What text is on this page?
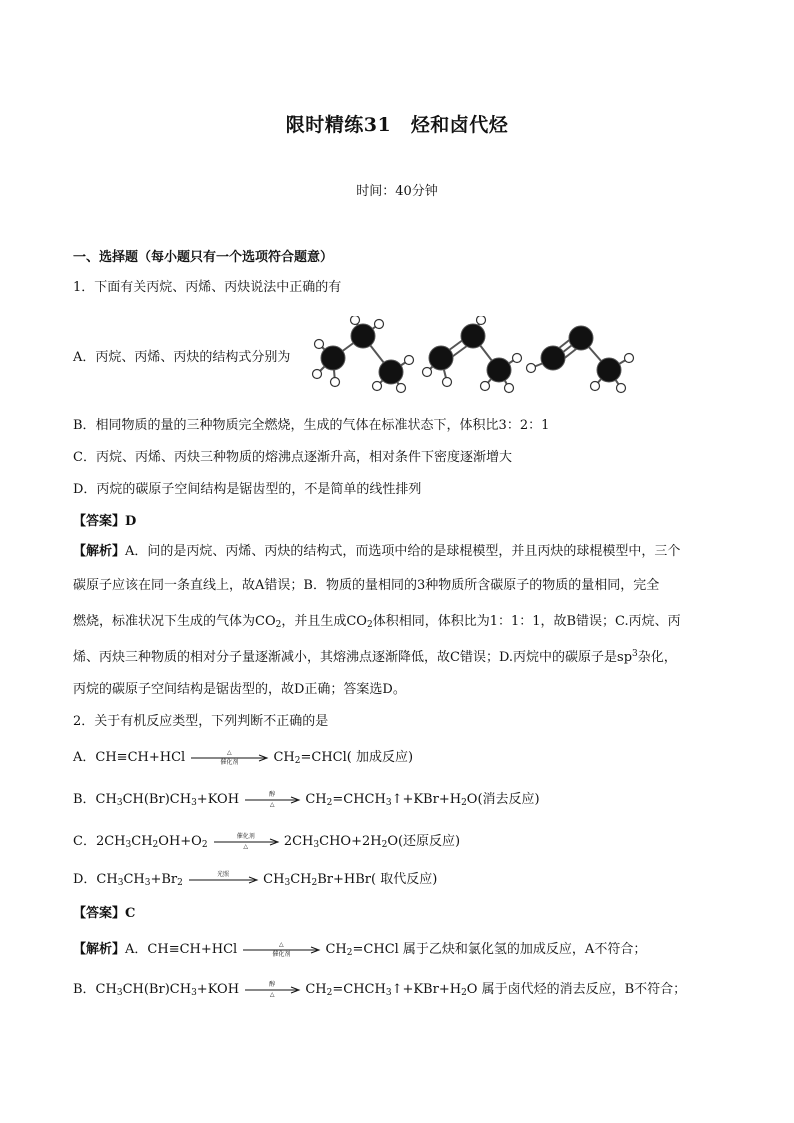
限时精练31　烃和卤代烃
时间：40分钟
一、选择题（每小题只有一个选项符合题意）
1．下面有关丙烷、丙烯、丙炔说法中正确的有
A．丙烷、丙烯、丙炔的结构式分别为
B．相同物质的量的三种物质完全燃烧，生成的气体在标准状态下，体积比3：2：1
C．丙烷、丙烯、丙炔三种物质的熔沸点逐渐升高，相对条件下密度逐渐增大
D．丙烷的碳原子空间结构是锯齿型的，不是简单的线性排列
【答案】D
【解析】A．问的是丙烷、丙烯、丙炔的结构式，而选项中给的是球棍模型，并且丙炔的球棍模型中，三个
碳原子应该在同一条直线上，故A错误；B．物质的量相同的3种物质所含碳原子的物质的量相同，完全
燃烧，标准状况下生成的气体为$CO_2$，并且生成$CO_2$体积相同，体积比为1：1：1，故B错误；C.丙烷、丙
烯、丙炔三种物质的相对分子量逐渐减小，其熔沸点逐渐降低，故C错误；D.丙烷中的碳原子是$sp^3$杂化，
丙烷的碳原子空间结构是锯齿型的，故D正确；答案选D。
2．关于有机反应类型，下列判断不正确的是
A．CH≡CH+HCl	△
催化剂	$CH_2=CHCl$( 加成反应)
B．$CH_3CH(Br)CH_3+KOH$	醇
△	$CH_2=CHCH_3↑+KBr+H_2O$(消去反应)
C．$2CH_3CH_2OH+O_2$
催化剂
△	$2CH_3CHO+2H_2O$(还原反应)
D．$CH_3CH_3+Br_2$
光照	$CH_3CH_2Br+HBr$( 取代反应)
【答案】C
【解析】A．CH≡CH+HCl	△
催化剂	$CH_2=CHCl$ 属于乙炔和氯化氢的加成反应，A不符合；
B．$CH_3CH(Br)CH_3+KOH$	醇
△	$CH_2=CHCH_3↑+KBr+H_2O$ 属于卤代烃的消去反应，B不符合；
